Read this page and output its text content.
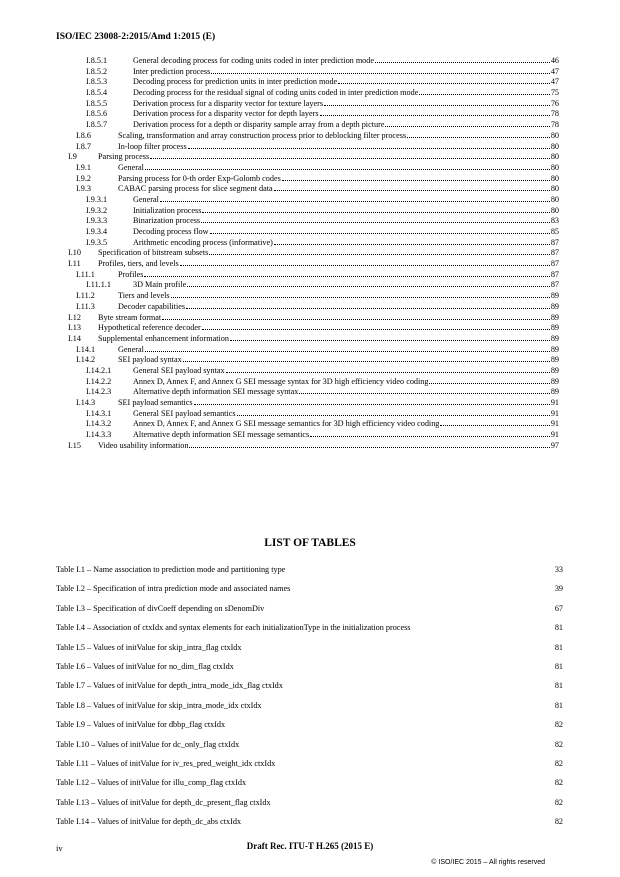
ISO/IEC 23008-2:2015/Amd 1:2015 (E)
I.8.5.1	General decoding process for coding units coded in inter prediction mode	46
I.8.5.2	Inter prediction process	47
I.8.5.3	Decoding process for prediction units in inter prediction mode	47
I.8.5.4	Decoding process for the residual signal of coding units coded in inter prediction mode	75
I.8.5.5	Derivation process for a disparity vector for texture layers	76
I.8.5.6	Derivation process for a disparity vector for depth layers	78
I.8.5.7	Derivation process for a depth or disparity sample array from a depth picture	78
I.8.6	Scaling, transformation and array construction process prior to deblocking filter process	80
I.8.7	In-loop filter process	80
I.9	Parsing process	80
I.9.1	General	80
I.9.2	Parsing process for 0-th order Exp-Golomb codes	80
I.9.3	CABAC parsing process for slice segment data	80
I.9.3.1	General	80
I.9.3.2	Initialization process	80
I.9.3.3	Binarization process	83
I.9.3.4	Decoding process flow	85
I.9.3.5	Arithmetic encoding process (informative)	87
I.10	Specification of bitstream subsets	87
I.11	Profiles, tiers, and levels	87
I.11.1	Profiles	87
I.11.1.1	3D Main profile	87
I.11.2	Tiers and levels	89
I.11.3	Decoder capabilities	89
I.12	Byte stream format	89
I.13	Hypothetical reference decoder	89
I.14	Supplemental enhancement information	89
I.14.1	General	89
I.14.2	SEI payload syntax	89
I.14.2.1	General SEI payload syntax	89
I.14.2.2	Annex D, Annex F, and Annex G SEI message syntax for 3D high efficiency video coding	89
I.14.2.3	Alternative depth information SEI message syntax	89
I.14.3	SEI payload semantics	91
I.14.3.1	General SEI payload semantics	91
I.14.3.2	Annex D, Annex F, and Annex G SEI message semantics for 3D high efficiency video coding	91
I.14.3.3	Alternative depth information SEI message semantics	91
I.15	Video usability information	97
LIST OF TABLES
Table I.1 – Name association to prediction mode and partitioning type	33
Table I.2 – Specification of intra prediction mode and associated names	39
Table I.3 – Specification of divCoeff depending on sDenomDiv	67
Table I.4 – Association of ctxIdx and syntax elements for each initializationType in the initialization process	81
Table I.5 – Values of initValue for skip_intra_flag ctxIdx	81
Table I.6 – Values of initValue for no_dim_flag ctxIdx	81
Table I.7 – Values of initValue for depth_intra_mode_idx_flag ctxIdx	81
Table I.8 – Values of initValue for skip_intra_mode_idx ctxIdx	81
Table I.9 – Values of initValue for dbbp_flag ctxIdx	82
Table I.10 – Values of initValue for dc_only_flag ctxIdx	82
Table I.11 – Values of initValue for iv_res_pred_weight_idx ctxIdx	82
Table I.12 – Values of initValue for illu_comp_flag ctxIdx	82
Table I.13 – Values of initValue for depth_dc_present_flag ctxIdx	82
Table I.14 – Values of initValue for depth_dc_abs ctxIdx	82
iv	Draft Rec. ITU-T H.265 (2015 E)
© ISO/IEC 2015 – All rights reserved
